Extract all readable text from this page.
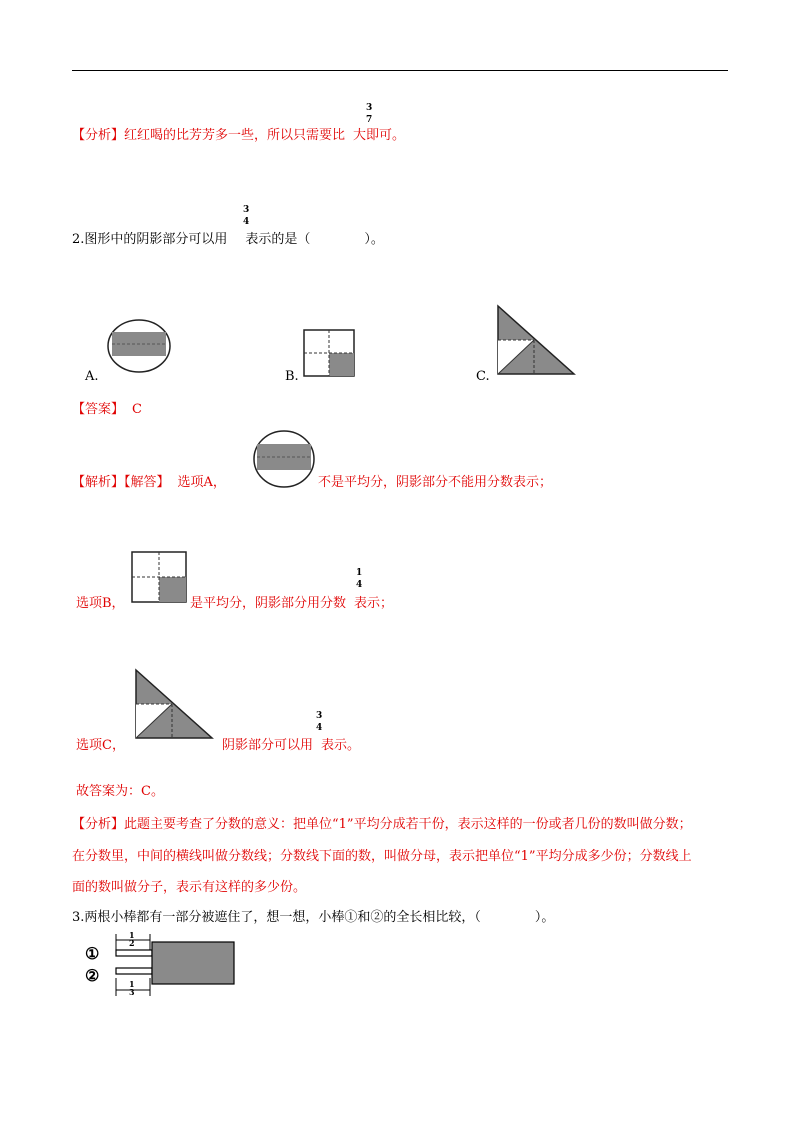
【分析】红红喝的比芳芳多一些，所以只需要比 大即可。
3
7
2.图形中的阴影部分可以用 表示的是（	）。
3
4
A.	B.	C.
【答案】 C
【解析】【解答】 选项A，	不是平均分，阴影部分不能用分数表示；
选项B，	是平均分，阴影部分用分数 表示；
1
4
选项C，	阴影部分可以用 表示。
3
4
故答案为：C。
【分析】此题主要考查了分数的意义：把单位“1”平均分成若干份，表示这样的一份或者几份的数叫做分数；
在分数里，中间的横线叫做分数线；分数线下面的数，叫做分母，表示把单位“1”平均分成多少份；分数线上
面的数叫做分子，表示有这样的多少份。
3.两根小棒都有一部分被遮住了，想一想，小棒①和②的全长相比较，（	）。
①
②
1
2
1
3
